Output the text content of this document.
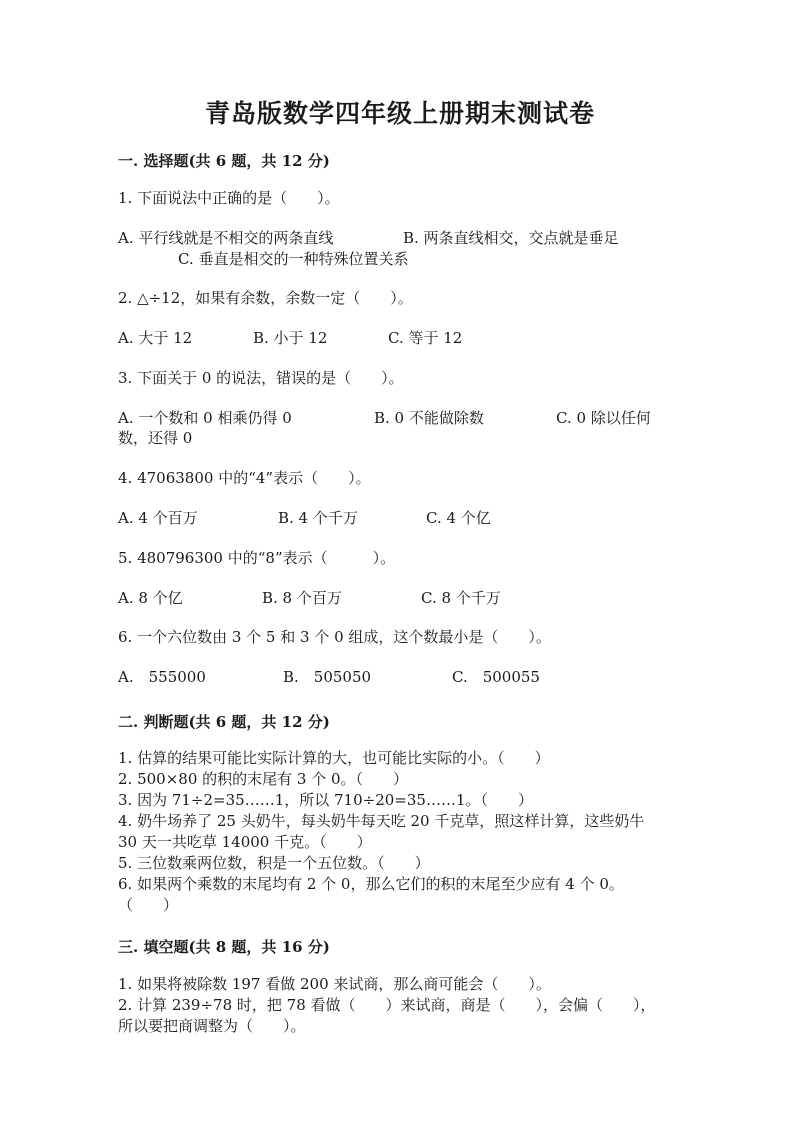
青岛版数学四年级上册期末测试卷
一. 选择题(共 6 题，共 12 分)
1. 下面说法中正确的是（　　）。
A. 平行线就是不相交的两条直线	B. 两条直线相交，交点就是垂足
C. 垂直是相交的一种特殊位置关系
2. △÷12，如果有余数，余数一定（　　）。
A. 大于 12	B. 小于 12	C. 等于 12
3. 下面关于 0 的说法，错误的是（　　）。
A. 一个数和 0 相乘仍得 0	B. 0 不能做除数	C. 0 除以任何
数，还得 0
4. 47063800 中的“4”表示（　　）。
A. 4 个百万	B. 4 个千万	C. 4 个亿
5. 480796300 中的“8”表示（　　　）。
A. 8 个亿	B. 8 个百万	C. 8 个千万
6. 一个六位数由 3 个 5 和 3 个 0 组成，这个数最小是（　　）。
A.　555000	B.　505050	C.　500055
二. 判断题(共 6 题，共 12 分)
1. 估算的结果可能比实际计算的大，也可能比实际的小。（　　）
2. 500×80 的积的末尾有 3 个 0。（　　）
3. 因为 71÷2=35……1，所以 710÷20=35……1。（　　）
4. 奶牛场养了 25 头奶牛，每头奶牛每天吃 20 千克草，照这样计算，这些奶牛
30 天一共吃草 14000 千克。（　　）
5. 三位数乘两位数，积是一个五位数。（　　）
6. 如果两个乘数的末尾均有 2 个 0，那么它们的积的末尾至少应有 4 个 0。
（　　）
三. 填空题(共 8 题，共 16 分)
1. 如果将被除数 197 看做 200 来试商，那么商可能会（　　）。
2. 计算 239÷78 时，把 78 看做（　　）来试商，商是（　　），会偏（　　），
所以要把商调整为（　　）。
